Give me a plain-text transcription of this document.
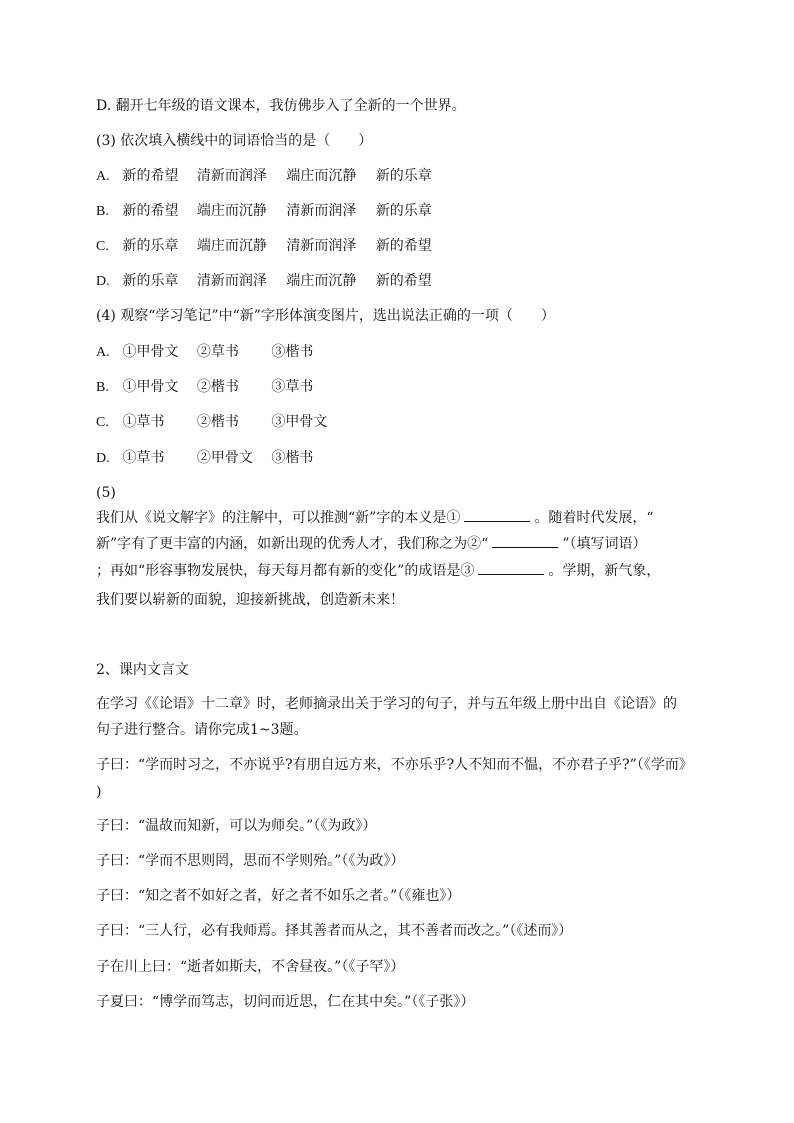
D. 翻开七年级的语文课本，我仿佛步入了全新的一个世界。
(3) 依次填入横线中的词语恰当的是（　　）
A. 新的希望 清新而润泽 端庄而沉静 新的乐章
B. 新的希望 端庄而沉静 清新而润泽 新的乐章
C. 新的乐章 端庄而沉静 清新而润泽 新的希望
D. 新的乐章 清新而润泽 端庄而沉静 新的希望
(4) 观察“学习笔记”中“新”字形体演变图片，选出说法正确的一项（　　）
A. ①甲骨文 ②草书 ③楷书
B. ①甲骨文 ②楷书 ③草书
C. ①草书 ②楷书 ③甲骨文
D. ①草书 ②甲骨文 ③楷书
(5)
我们从《说文解字》的注解中，可以推测“新”字的本义是①	。随着时代发展，“
新”字有了更丰富的内涵，如新出现的优秀人才，我们称之为②“	”（填写词语）
；再如“形容事物发展快，每天每月都有新的变化”的成语是③	。学期，新气象，
我们要以崭新的面貌，迎接新挑战，创造新未来！
2、课内文言文
在学习《《论语》十二章》时，老师摘录出关于学习的句子，并与五年级上册中出自《论语》的
句子进行整合。请你完成1~3题。
子曰：“学而时习之，不亦说乎?有朋自远方来，不亦乐乎?人不知而不愠，不亦君子乎?”（《学而》
)
子曰：“温故而知新，可以为师矣。”（《为政》）
子曰：“学而不思则罔，思而不学则殆。”（《为政》）
子曰：“知之者不如好之者，好之者不如乐之者。”（《雍也》）
子曰：“三人行，必有我师焉。择其善者而从之，其不善者而改之。”（《述而》）
子在川上曰：“逝者如斯夫，不舍昼夜。”（《子罕》）
子夏曰：“博学而笃志，切问而近思，仁在其中矣。”（《子张》）
